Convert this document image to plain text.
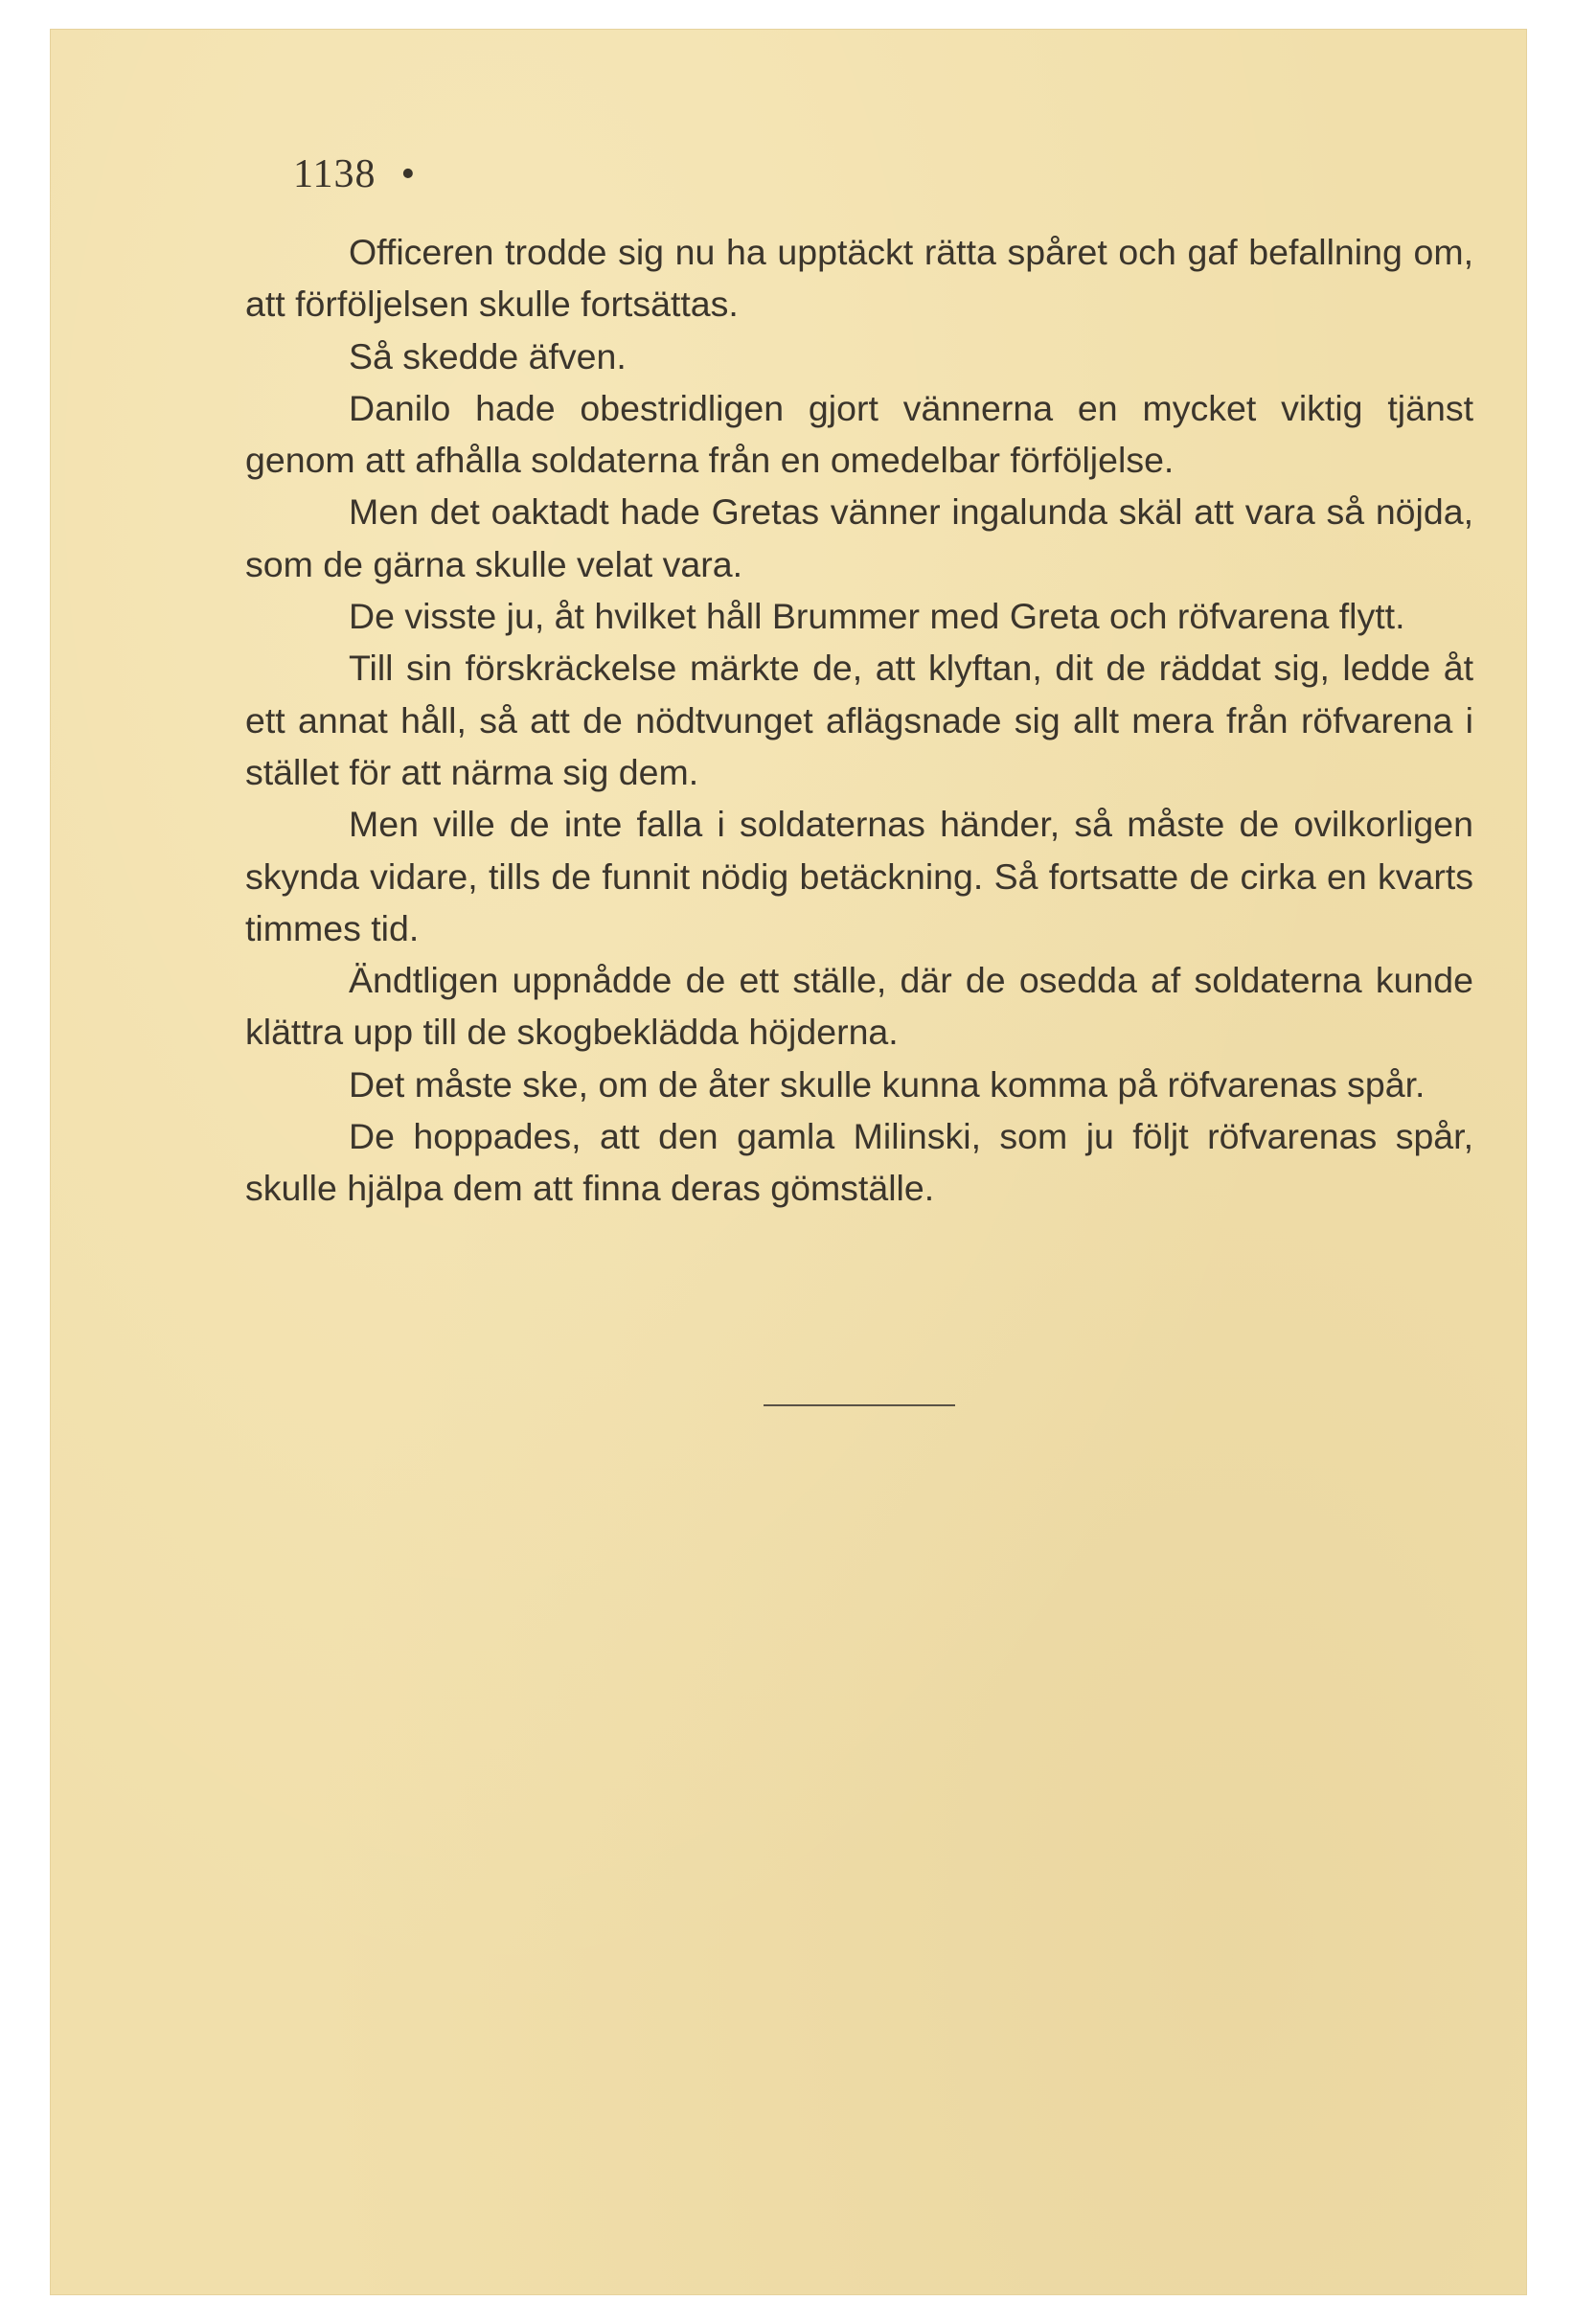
1138 •

Officeren trodde sig nu ha upptäckt rätta spåret och gaf befallning om, att förföljelsen skulle fortsättas.

Så skedde äfven.

Danilo hade obestridligen gjort vännerna en mycket viktig tjänst genom att afhålla soldaterna från en omedelbar förföljelse.

Men det oaktadt hade Gretas vänner ingalunda skäl att vara så nöjda, som de gärna skulle velat vara.

De visste ju, åt hvilket håll Brummer med Greta och röfvarena flytt.

Till sin förskräckelse märkte de, att klyftan, dit de räddat sig, ledde åt ett annat håll, så att de nödtvunget aflägsnade sig allt mera från röfvarena i stället för att närma sig dem.

Men ville de inte falla i soldaternas händer, så måste de ovilkorligen skynda vidare, tills de funnit nödig betäckning. Så fortsatte de cirka en kvarts timmes tid.

Ändtligen uppnådde de ett ställe, där de osedda af soldaterna kunde klättra upp till de skogbeklädda höjderna.

Det måste ske, om de åter skulle kunna komma på röfvarenas spår.

De hoppades, att den gamla Milinski, som ju följt röfvarenas spår, skulle hjälpa dem att finna deras gömställe.
